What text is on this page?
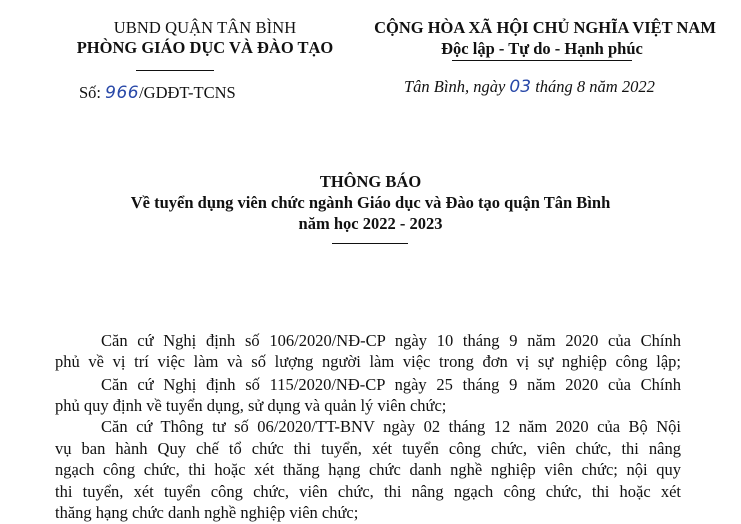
UBND QUẬN TÂN BÌNH
PHÒNG GIÁO DỤC VÀ ĐÀO TẠO
Số: 966/GDĐT-TCNS
CỘNG HÒA XÃ HỘI CHỦ NGHĨA VIỆT NAM
Độc lập - Tự do - Hạnh phúc
Tân Bình, ngày 03 tháng 8 năm 2022
THÔNG BÁO
Về tuyển dụng viên chức ngành Giáo dục và Đào tạo quận Tân Bình
năm học 2022 - 2023
Căn cứ Nghị định số 106/2020/NĐ-CP ngày 10 tháng 9 năm 2020 của Chính
phủ về vị trí việc làm và số lượng người làm việc trong đơn vị sự nghiệp công lập;
Căn cứ Nghị định số 115/2020/NĐ-CP ngày 25 tháng 9 năm 2020 của Chính
phủ quy định về tuyển dụng, sử dụng và quản lý viên chức;
Căn cứ Thông tư số 06/2020/TT-BNV ngày 02 tháng 12 năm 2020 của Bộ Nội
vụ ban hành Quy chế tổ chức thi tuyển, xét tuyển công chức, viên chức, thi nâng
ngạch công chức, thi hoặc xét thăng hạng chức danh nghề nghiệp viên chức; nội quy
thi tuyển, xét tuyển công chức, viên chức, thi nâng ngạch công chức, thi hoặc xét
thăng hạng chức danh nghề nghiệp viên chức;
